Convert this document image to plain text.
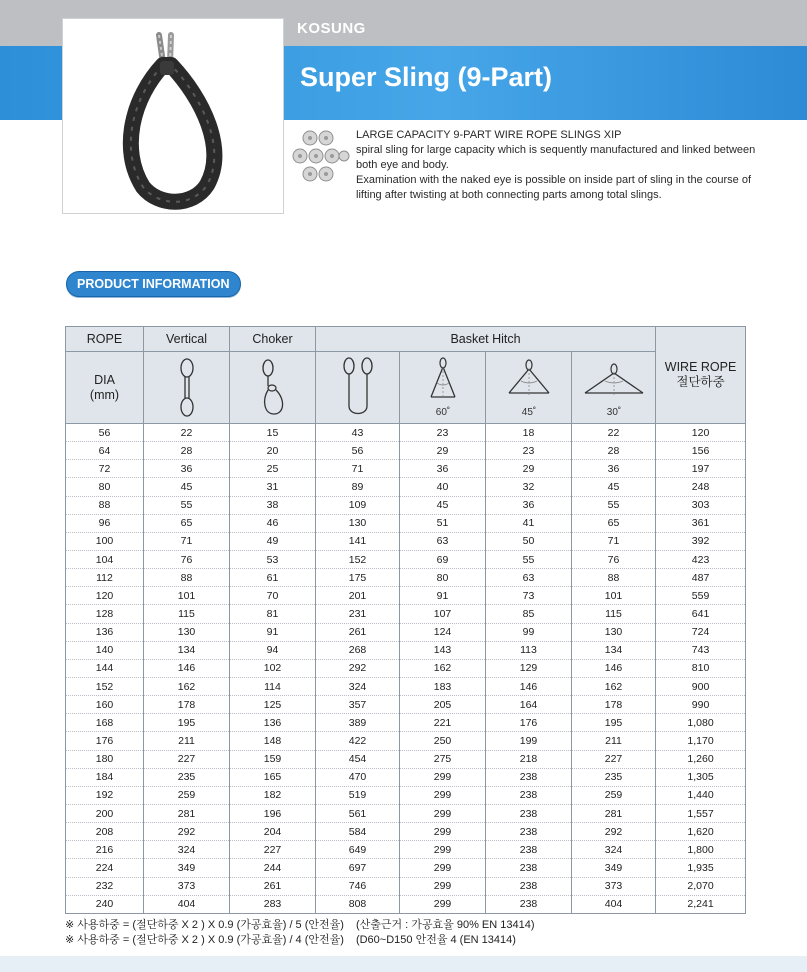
KOSUNG
Super Sling (9-Part)

LARGE CAPACITY 9-PART WIRE ROPE SLINGS XIP

spiral sling for large capacity which is sequently manufactured and linked between both eye and body.

Examination with the naked eye is possible on inside part of sling in the course of lifting after twisting at both connecting parts among total slings.

PRODUCT INFORMATION
ROPE	Vertical	Choker	Basket Hitch				WIRE ROPE
절단하중

DIA
(mm)				60˚	45˚	30˚	

56	22	15	43	23	18	22	120
64	28	20	56	29	23	28	156
72	36	25	71	36	29	36	197
80	45	31	89	40	32	45	248
88	55	38	109	45	36	55	303
96	65	46	130	51	41	65	361
100	71	49	141	63	50	71	392
104	76	53	152	69	55	76	423
112	88	61	175	80	63	88	487
120	101	70	201	91	73	101	559
128	115	81	231	107	85	115	641
136	130	91	261	124	99	130	724
140	134	94	268	143	113	134	743
144	146	102	292	162	129	146	810
152	162	114	324	183	146	162	900
160	178	125	357	205	164	178	990
168	195	136	389	221	176	195	1,080
176	211	148	422	250	199	211	1,170
180	227	159	454	275	218	227	1,260
184	235	165	470	299	238	235	1,305
192	259	182	519	299	238	259	1,440
200	281	196	561	299	238	281	1,557
208	292	204	584	299	238	292	1,620
216	324	227	649	299	238	324	1,800
224	349	244	697	299	238	349	1,935
232	373	261	746	299	238	373	2,070
240	404	283	808	299	238	404	2,241
※ 사용하중 = (절단하중 X 2 ) X 0.9 (가공효율) / 5 (안전율) (산출근거 : 가공효율 90% EN 13414)
※ 사용하중 = (절단하중 X 2 ) X 0.9 (가공효율) / 4 (안전율) (D60~D150 안전율 4 (EN 13414)
